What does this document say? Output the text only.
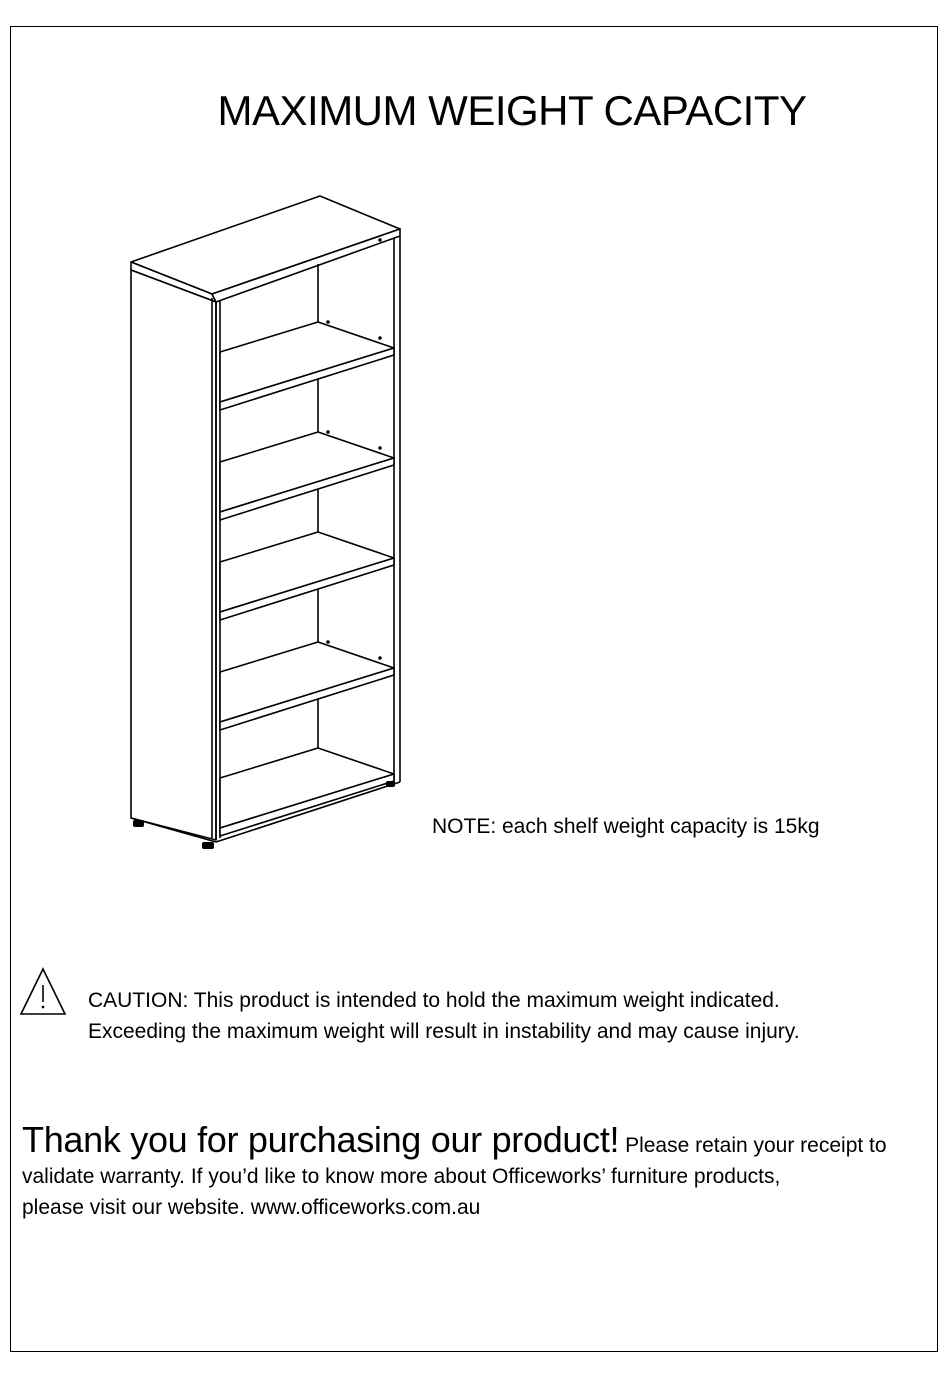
MAXIMUM WEIGHT CAPACITY
NOTE: each shelf weight capacity is 15kg
CAUTION: This product is intended to hold the maximum weight indicated.
Exceeding the maximum weight will result in instability and may cause injury.
Thank you for purchasing our product! Please retain your receipt to
validate warranty. If you’d like to know more about Officeworks’ furniture products,
please visit our website. www.officeworks.com.au
